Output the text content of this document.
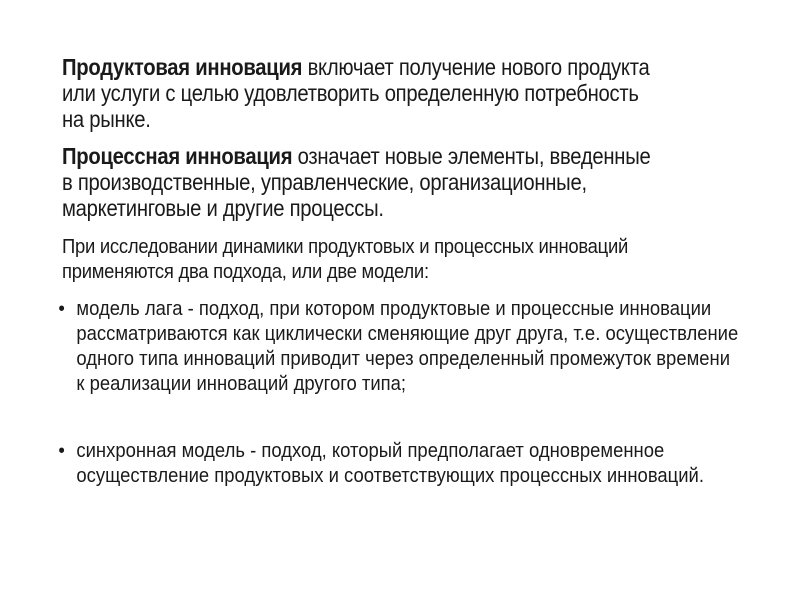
Продуктовая инновация включает получение нового продукта или услуги с целью удовлетворить определенную потребность на рынке.
Процессная инновация означает новые элементы, введенные в производственные, управленческие, организационные, маркетинговые и другие процессы.
При исследовании динамики продуктовых и процессных инноваций применяются два подхода, или две модели:
• модель лага - подход, при котором продуктовые и процессные инновации рассматриваются как циклически сменяющие друг друга, т.е. осуществление одного типа инноваций приводит через определенный промежуток времени к реализации инноваций другого типа;
• синхронная модель - подход, который предполагает одновременное осуществление продуктовых и соответствующих процессных инноваций.
